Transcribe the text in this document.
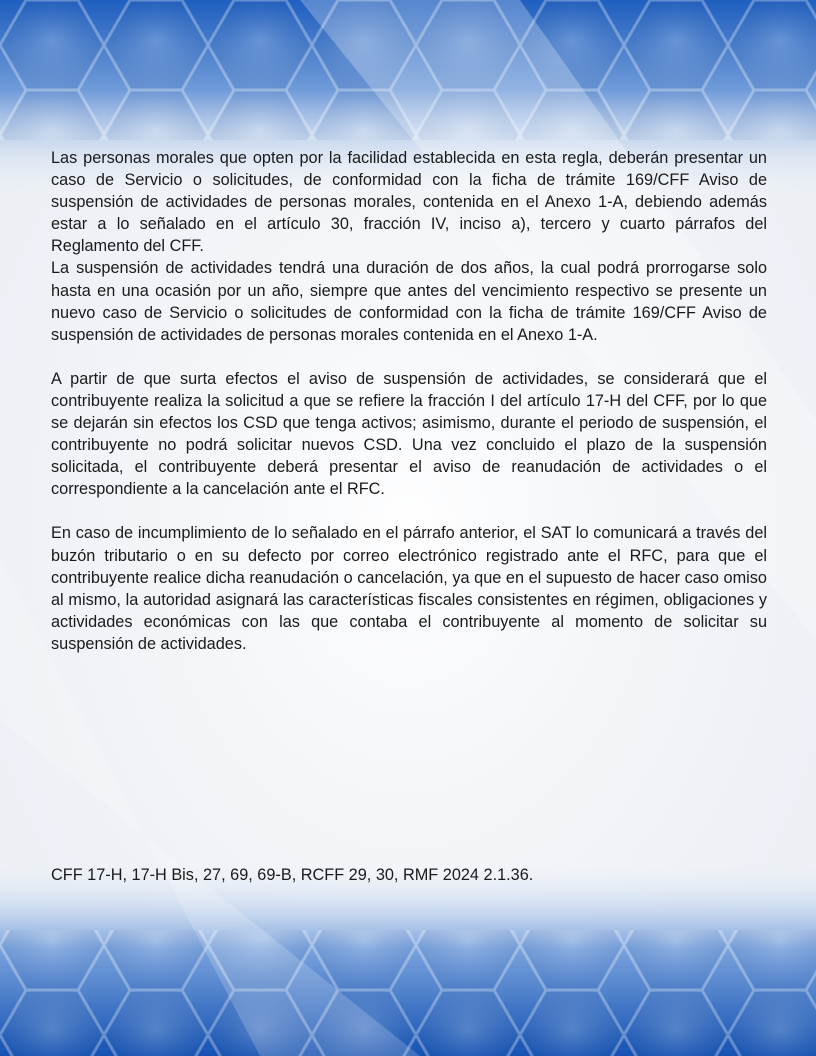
Las personas morales que opten por la facilidad establecida en esta regla, deberán presentar un caso de Servicio o solicitudes, de conformidad con la ficha de trámite 169/CFF Aviso de suspensión de actividades de personas morales, contenida en el Anexo 1-A, debiendo además estar a lo señalado en el artículo 30, fracción IV, inciso a), tercero y cuarto párrafos del Reglamento del CFF.

La suspensión de actividades tendrá una duración de dos años, la cual podrá prorrogarse solo hasta en una ocasión por un año, siempre que antes del vencimiento respectivo se presente un nuevo caso de Servicio o solicitudes de conformidad con la ficha de trámite 169/CFF Aviso de suspensión de actividades de personas morales contenida en el Anexo 1-A.

A partir de que surta efectos el aviso de suspensión de actividades, se considerará que el contribuyente realiza la solicitud a que se refiere la fracción I del artículo 17-H del CFF, por lo que se dejarán sin efectos los CSD que tenga activos; asimismo, durante el periodo de suspensión, el contribuyente no podrá solicitar nuevos CSD. Una vez concluido el plazo de la suspensión solicitada, el contribuyente deberá presentar el aviso de reanudación de actividades o el correspondiente a la cancelación ante el RFC.

En caso de incumplimiento de lo señalado en el párrafo anterior, el SAT lo comunicará a través del buzón tributario o en su defecto por correo electrónico registrado ante el RFC, para que el contribuyente realice dicha reanudación o cancelación, ya que en el supuesto de hacer caso omiso al mismo, la autoridad asignará las características fiscales consistentes en régimen, obligaciones y actividades económicas con las que contaba el contribuyente al momento de solicitar su suspensión de actividades.

CFF 17-H, 17-H Bis, 27, 69, 69-B, RCFF 29, 30, RMF 2024 2.1.36.
